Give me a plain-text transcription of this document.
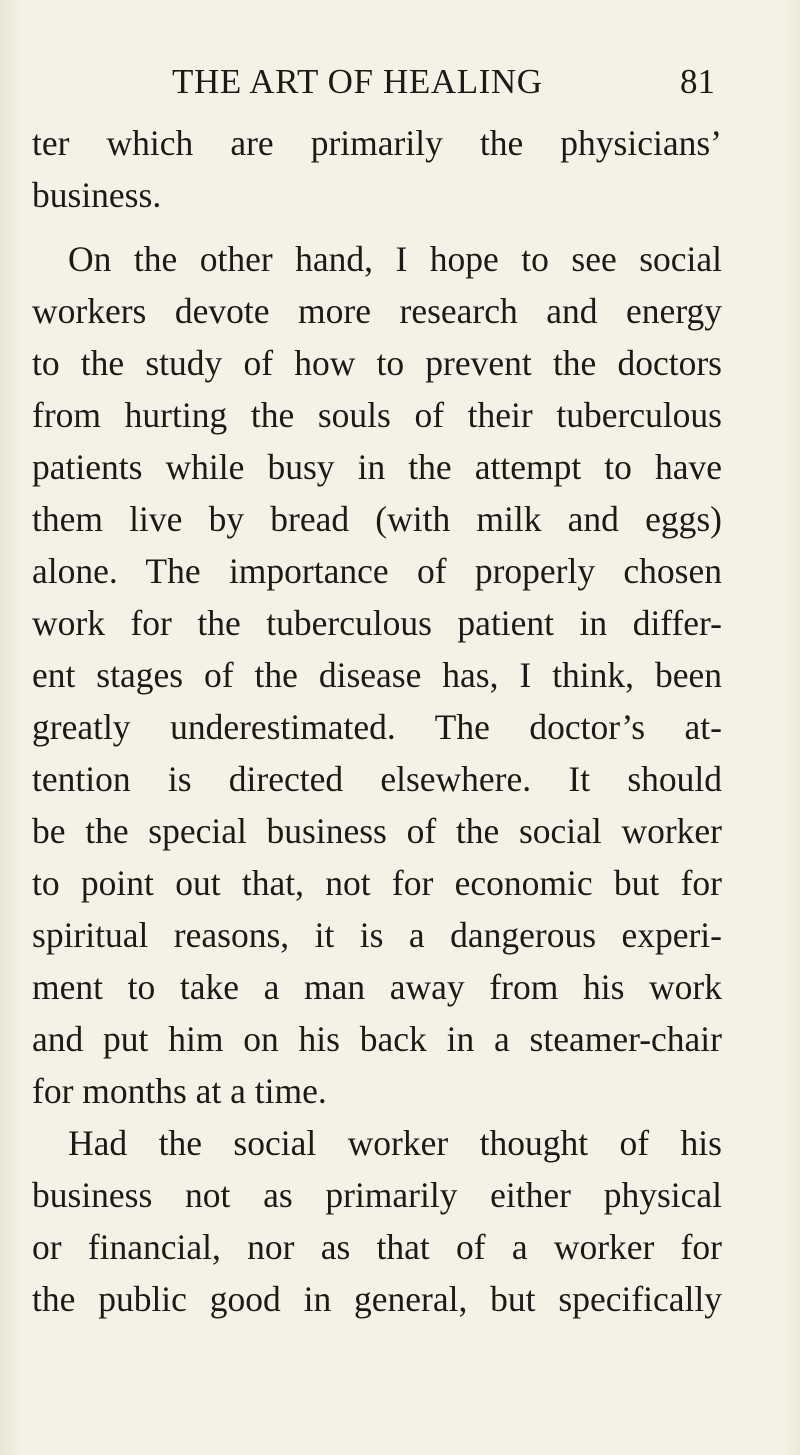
THE ART OF HEALING	81
ter which are primarily the physicians’
business.
On the other hand, I hope to see social
workers devote more research and energy
to the study of how to prevent the doctors
from hurting the souls of their tuberculous
patients while busy in the attempt to have
them live by bread (with milk and eggs)
alone. The importance of properly chosen
work for the tuberculous patient in differ-
ent stages of the disease has, I think, been
greatly underestimated. The doctor’s at-
tention is directed elsewhere. It should
be the special business of the social worker
to point out that, not for economic but for
spiritual reasons, it is a dangerous experi-
ment to take a man away from his work
and put him on his back in a steamer-chair
for months at a time.
Had the social worker thought of his
business not as primarily either physical
or financial, nor as that of a worker for
the public good in general, but specifically
